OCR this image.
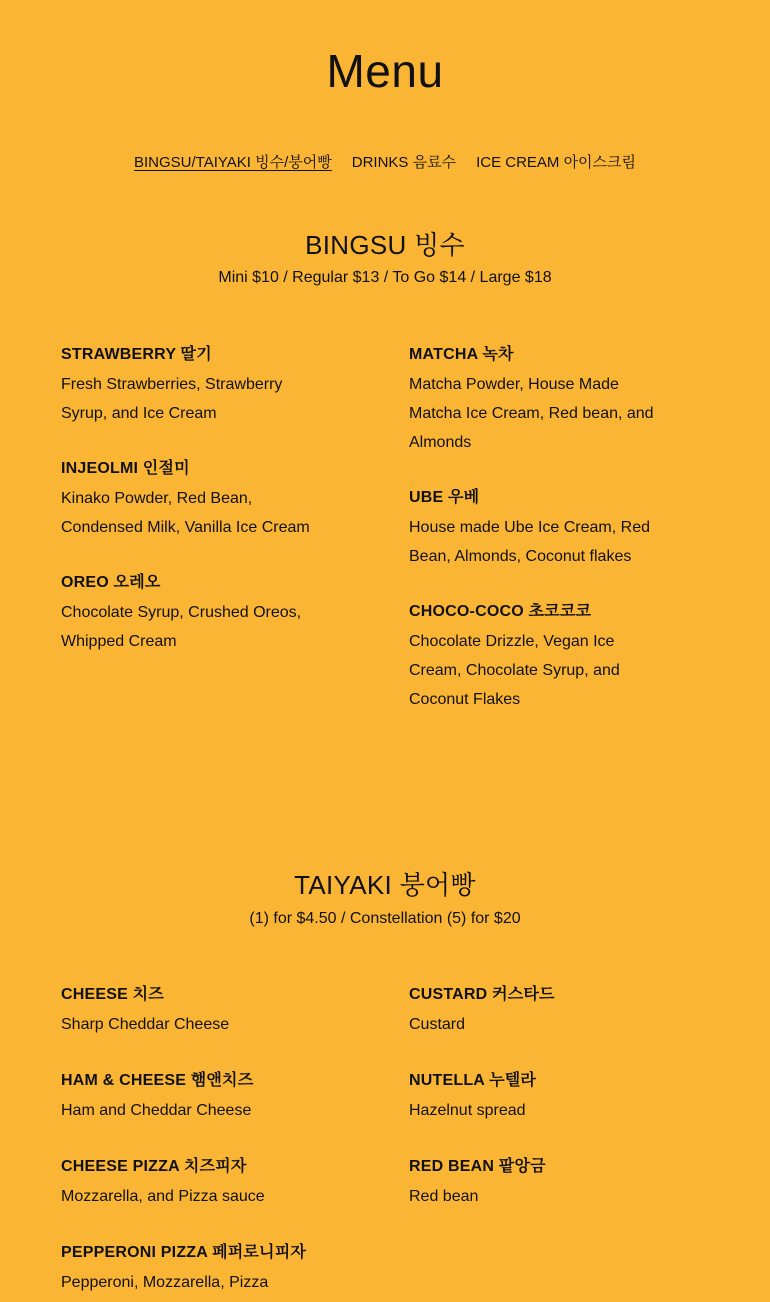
Menu
BINGSU/TAIYAKI 빙수/붕어빵 DRINKS 음료수 ICE CREAM 아이스크림
BINGSU 빙수
Mini $10 / Regular $13 / To Go $14 / Large $18

STRAWBERRY 딸기

Fresh Strawberries, Strawberry Syrup, and Ice Cream

INJEOLMI 인절미

Kinako Powder, Red Bean, Condensed Milk, Vanilla Ice Cream

OREO 오레오

Chocolate Syrup, Crushed Oreos, Whipped Cream

MATCHA 녹차

Matcha Powder, House Made Matcha Ice Cream, Red bean, and Almonds

UBE 우베

House made Ube Ice Cream, Red Bean, Almonds, Coconut flakes

CHOCO-COCO 초코코코

Chocolate Drizzle, Vegan Ice Cream, Chocolate Syrup, and Coconut Flakes

TAIYAKI 붕어빵
(1) for $4.50 / Constellation (5) for $20

CHEESE 치즈

Sharp Cheddar Cheese

HAM & CHEESE 햄앤치즈

Ham and Cheddar Cheese

CHEESE PIZZA 치즈피자

Mozzarella, and Pizza sauce

PEPPERONI PIZZA 페퍼로니피자

Pepperoni, Mozzarella, Pizza

CUSTARD 커스타드

Custard

NUTELLA 누텔라

Hazelnut spread

RED BEAN 팥앙금

Red bean
